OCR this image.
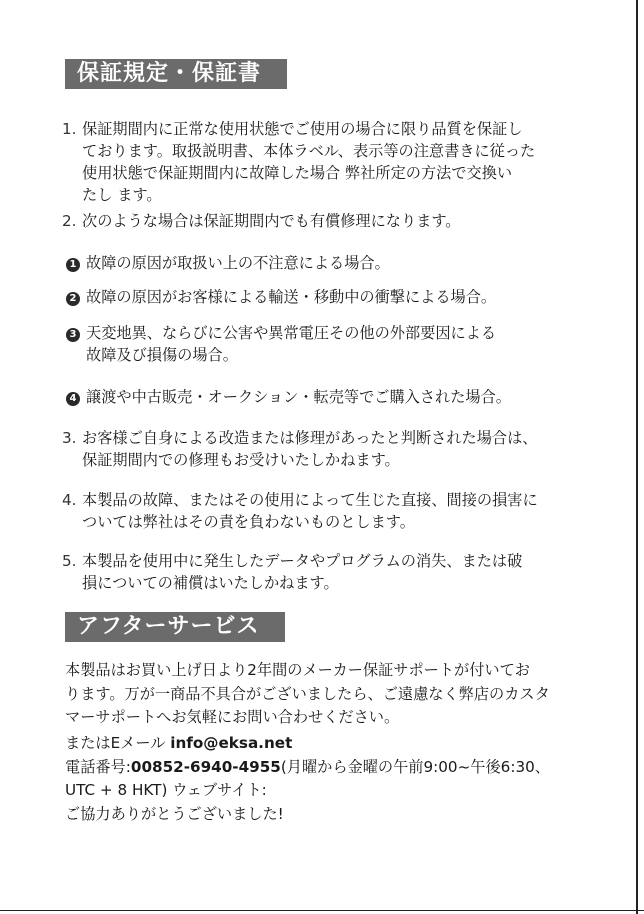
保証規定・保証書

1. 保証期間内に正常な使用状態でご使用の場合に限り品質を保証し

ております。取扱説明書、本体ラベル、表示等の注意書きに従った

使用状態で保証期間内に故障した場合 弊社所定の方法で交換い

たし ます。

2. 次のような場合は保証期間内でも有償修理になります。

1 故障の原因が取扱い上の不注意による場合。

2 故障の原因がお客様による輸送・移動中の衝撃による場合。

3 天変地異、ならびに公害や異常電圧その他の外部要因による

故障及び損傷の場合。

4 譲渡や中古販売・オークション・転売等でご購入された場合。

3. お客様ご自身による改造または修理があったと判断された場合は、

保証期間内での修理もお受けいたしかねます。

4. 本製品の故障、またはその使用によって生じた直接、間接の損害に

ついては弊社はその責を負わないものとします。

5. 本製品を使用中に発生したデータやプログラムの消失、または破

損についての補償はいたしかねます。

アフターサービス

本製品はお買い上げ日より2年間のメーカー保証サポートが付いてお

ります。万が一商品不具合がございましたら、ご遠慮なく弊店のカスタ

マーサポートへお気軽にお問い合わせください。

またはEメール info@eksa.net

電話番号:00852-6940-4955(月曜から金曜の午前9:00~午後6:30、

UTC + 8 HKT) ウェブサイト:

ご協力ありがとうございました!
